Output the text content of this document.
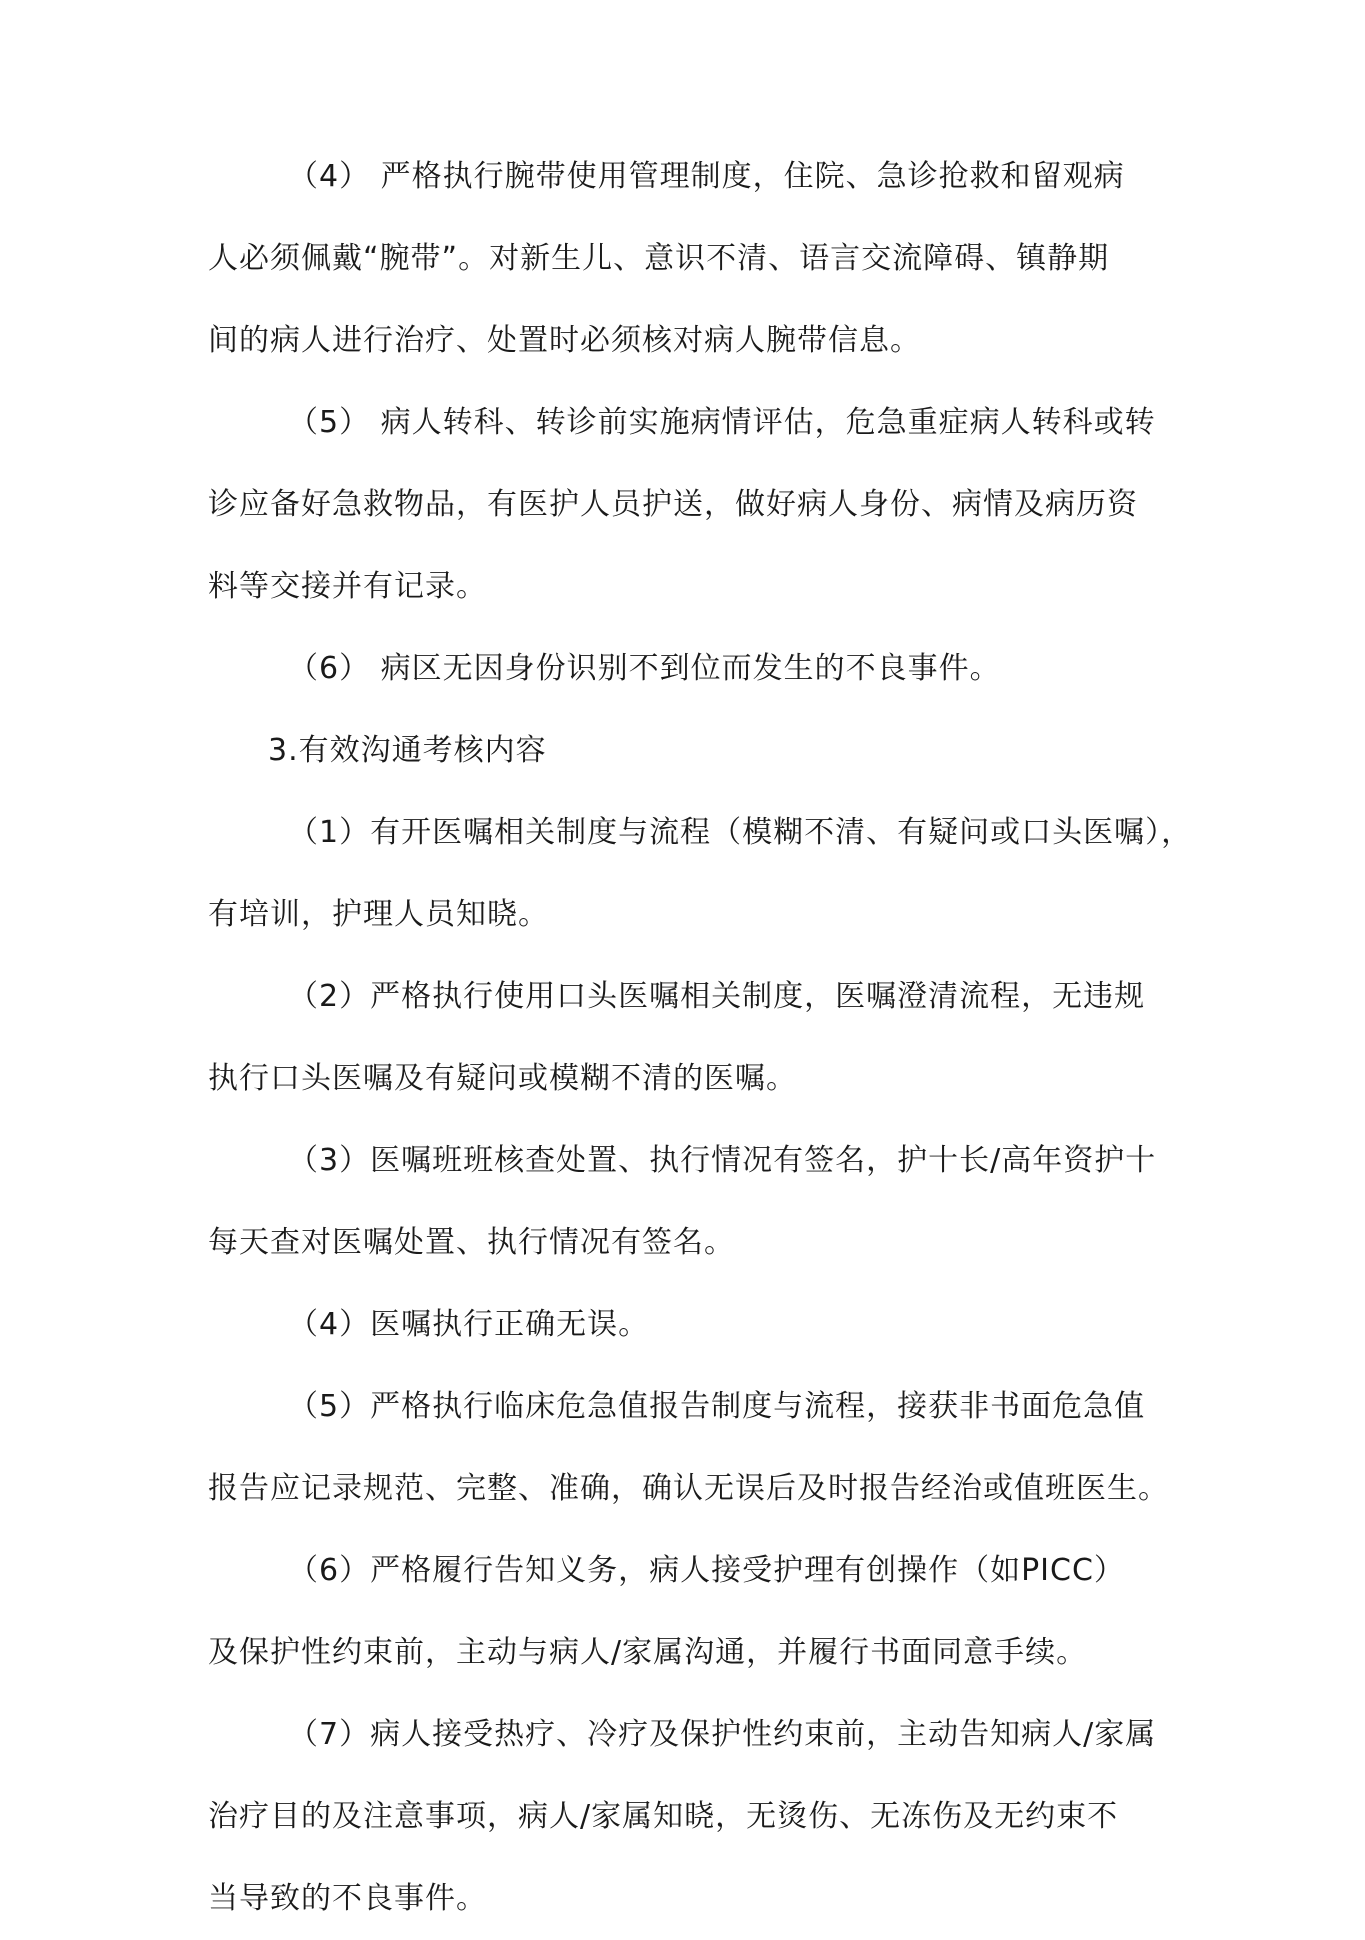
（4） 严格执行腕带使用管理制度，住院、急诊抢救和留观病
人必须佩戴“腕带”。对新生儿、意识不清、语言交流障碍、镇静期
间的病人进行治疗、处置时必须核对病人腕带信息。
（5） 病人转科、转诊前实施病情评估，危急重症病人转科或转
诊应备好急救物品，有医护人员护送，做好病人身份、病情及病历资
料等交接并有记录。
（6） 病区无因身份识别不到位而发生的不良事件。
3.有效沟通考核内容
（1）有开医嘱相关制度与流程（模糊不清、有疑问或口头医嘱），
有培训，护理人员知晓。
（2）严格执行使用口头医嘱相关制度，医嘱澄清流程，无违规
执行口头医嘱及有疑问或模糊不清的医嘱。
（3）医嘱班班核查处置、执行情况有签名，护十长/高年资护十
每天查对医嘱处置、执行情况有签名。
（4）医嘱执行正确无误。
（5）严格执行临床危急值报告制度与流程，接获非书面危急值
报告应记录规范、完整、准确，确认无误后及时报告经治或值班医生。
（6）严格履行告知义务，病人接受护理有创操作（如PICC）
及保护性约束前，主动与病人/家属沟通，并履行书面同意手续。
（7）病人接受热疗、冷疗及保护性约束前，主动告知病人/家属
治疗目的及注意事项，病人/家属知晓，无烫伤、无冻伤及无约束不
当导致的不良事件。
